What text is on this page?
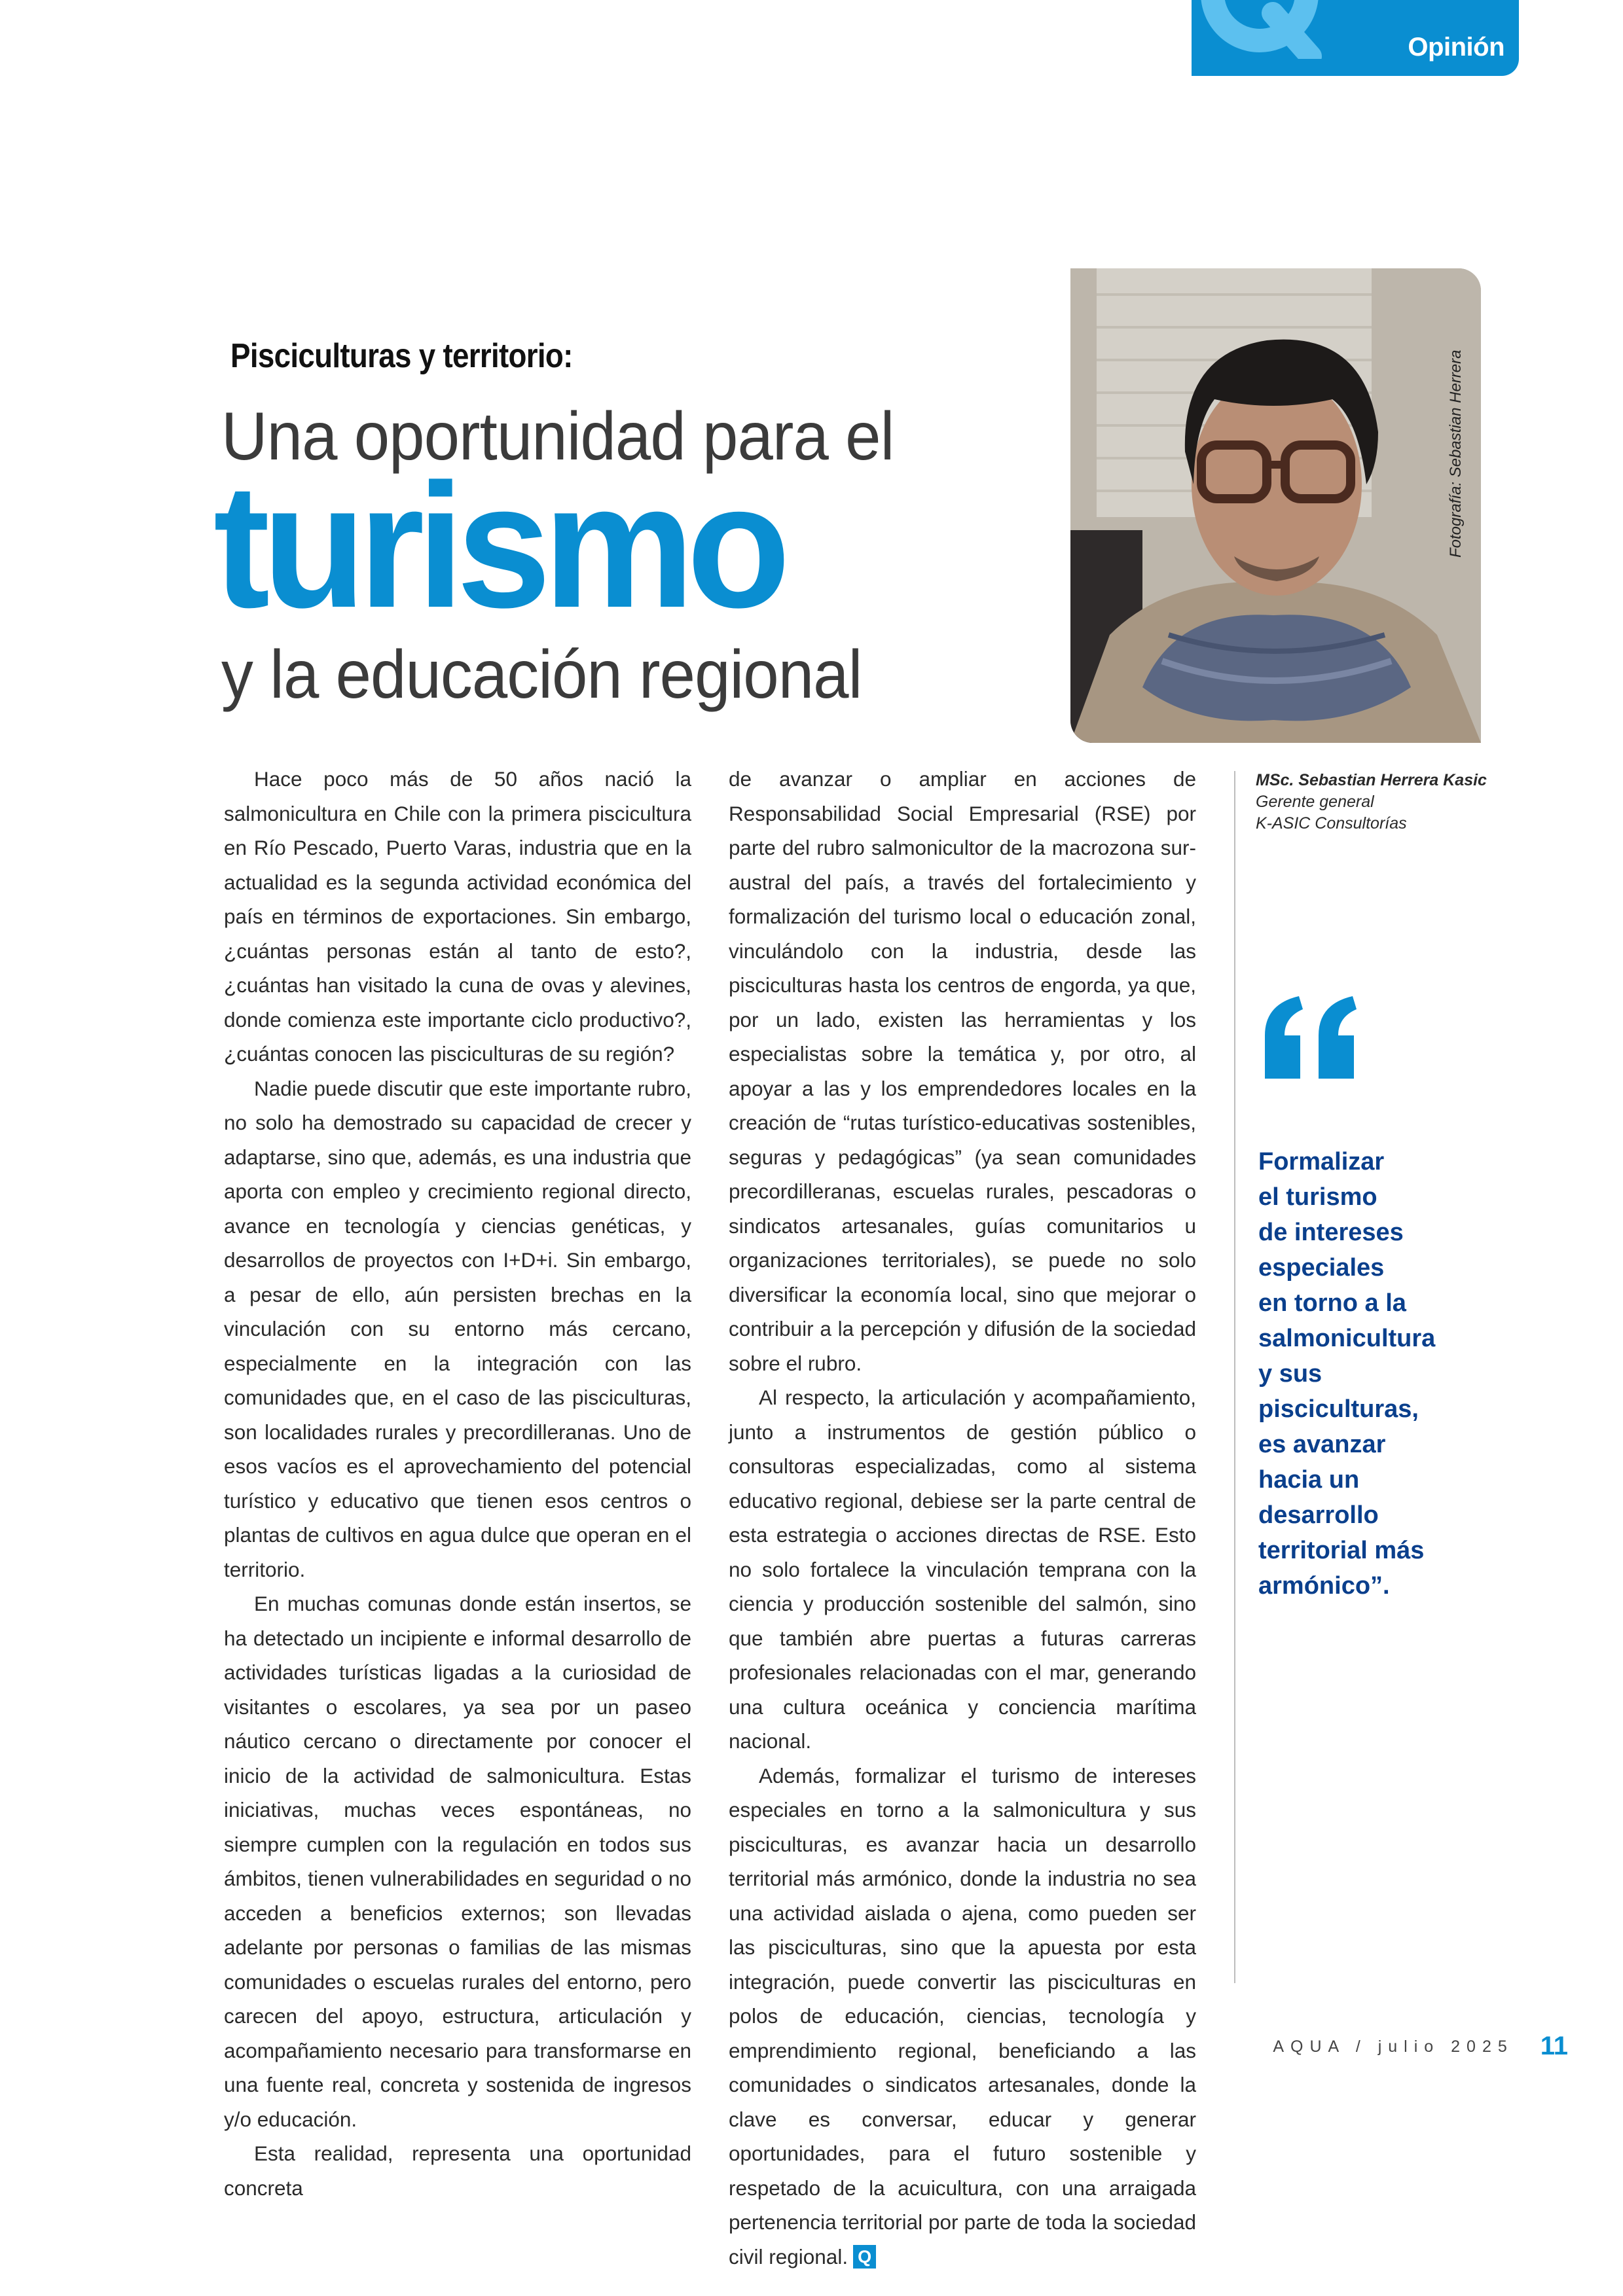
Opinión
Pisciculturas y territorio:
Una oportunidad para el
turismo
y la educación regional
Fotografía: Sebastian Herrera

Hace poco más de 50 años nació la salmonicultura en Chile con la primera piscicultura en Río Pescado, Puerto Varas, industria que en la actualidad es la segunda actividad económica del país en términos de exportaciones. Sin embargo, ¿cuántas personas están al tanto de esto?, ¿cuántas han visitado la cuna de ovas y alevines, donde comienza este importante ciclo productivo?, ¿cuántas conocen las pisciculturas de su región?

Nadie puede discutir que este importante rubro, no solo ha demostrado su capacidad de crecer y adaptarse, sino que, además, es una industria que aporta con empleo y crecimiento regional directo, avance en tecnología y ciencias genéticas, y desarrollos de proyectos con I+D+i. Sin embargo, a pesar de ello, aún persisten brechas en la vinculación con su entorno más cercano, especialmente en la integración con las comunidades que, en el caso de las pisciculturas, son localidades rurales y precordilleranas. Uno de esos vacíos es el aprovechamiento del potencial turístico y educativo que tienen esos centros o plantas de cultivos en agua dulce que operan en el territorio.

En muchas comunas donde están insertos, se ha detectado un incipiente e informal desarrollo de actividades turísticas ligadas a la curiosidad de visitantes o escolares, ya sea por un paseo náutico cercano o directamente por conocer el inicio de la actividad de salmonicultura. Estas iniciativas, muchas veces espontáneas, no siempre cumplen con la regulación en todos sus ámbitos, tienen vulnerabilidades en seguridad o no acceden a beneficios externos; son llevadas adelante por personas o familias de las mismas comunidades o escuelas rurales del entorno, pero carecen del apoyo, estructura, articulación y acompañamiento necesario para transformarse en una fuente real, concreta y sostenida de ingresos y/o educación.

Esta realidad, representa una oportunidad concreta

de avanzar o ampliar en acciones de Responsabilidad Social Empresarial (RSE) por parte del rubro salmonicultor de la macrozona sur-austral del país, a través del fortalecimiento y formalización del turismo local o educación zonal, vinculándolo con la industria, desde las pisciculturas hasta los centros de engorda, ya que, por un lado, existen las herramientas y los especialistas sobre la temática y, por otro, al apoyar a las y los emprendedores locales en la creación de “rutas turístico-educativas sostenibles, seguras y pedagógicas” (ya sean comunidades precordilleranas, escuelas rurales, pescadoras o sindicatos artesanales, guías comunitarios u organizaciones territoriales), se puede no solo diversificar la economía local, sino que mejorar o contribuir a la percepción y difusión de la sociedad sobre el rubro.

Al respecto, la articulación y acompañamiento, junto a instrumentos de gestión público o consultoras especializadas, como al sistema educativo regional, debiese ser la parte central de esta estrategia o acciones directas de RSE. Esto no solo fortalece la vinculación temprana con la ciencia y producción sostenible del salmón, sino que también abre puertas a futuras carreras profesionales relacionadas con el mar, generando una cultura oceánica y conciencia marítima nacional.

Además, formalizar el turismo de intereses especiales en torno a la salmonicultura y sus pisciculturas, es avanzar hacia un desarrollo territorial más armónico, donde la industria no sea una actividad aislada o ajena, como pueden ser las pisciculturas, sino que la apuesta por esta integración, puede convertir las pisciculturas en polos de educación, ciencias, tecnología y emprendimiento regional, beneficiando a las comunidades o sindicatos artesanales, donde la clave es conversar, educar y generar oportunidades, para el futuro sostenible y respetado de la acuicultura, con una arraigada pertenencia territorial por parte de toda la sociedad civil regional. Q

MSc. Sebastian Herrera Kasic
Gerente general
K-ASIC Consultorías
Formalizar
el turismo
de intereses
especiales
en torno a la
salmonicultura
y sus
pisciculturas,
es avanzar
hacia un
desarrollo
territorial más
armónico”.
AQUA / julio 2025 11
